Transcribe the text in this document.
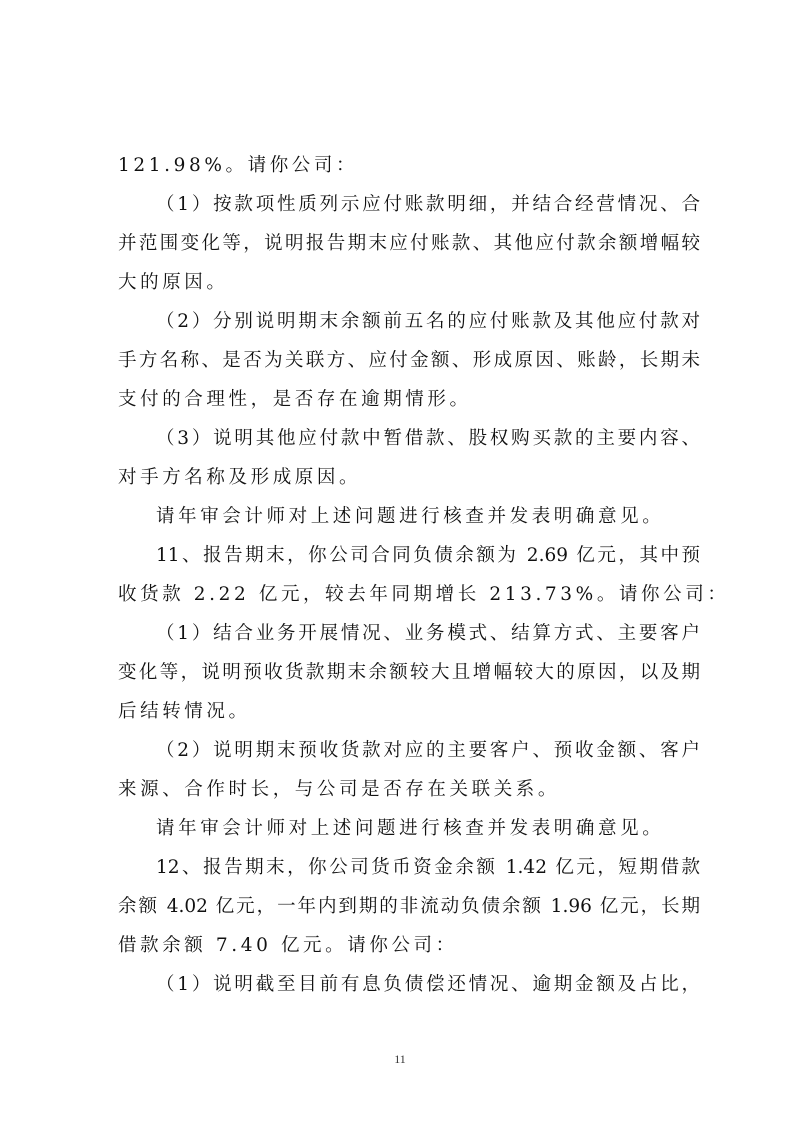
121.98%。请你公司：
（1）按款项性质列示应付账款明细，并结合经营情况、合
并范围变化等，说明报告期末应付账款、其他应付款余额增幅较
大的原因。
（2）分别说明期末余额前五名的应付账款及其他应付款对
手方名称、是否为关联方、应付金额、形成原因、账龄，长期未
支付的合理性，是否存在逾期情形。
（3）说明其他应付款中暂借款、股权购买款的主要内容、
对手方名称及形成原因。
请年审会计师对上述问题进行核查并发表明确意见。
11、报告期末，你公司合同负债余额为 2.69 亿元，其中预
收货款 2.22 亿元，较去年同期增长 213.73%。请你公司：
（1）结合业务开展情况、业务模式、结算方式、主要客户
变化等，说明预收货款期末余额较大且增幅较大的原因，以及期
后结转情况。
（2）说明期末预收货款对应的主要客户、预收金额、客户
来源、合作时长，与公司是否存在关联关系。
请年审会计师对上述问题进行核查并发表明确意见。
12、报告期末，你公司货币资金余额 1.42 亿元，短期借款
余额 4.02 亿元，一年内到期的非流动负债余额 1.96 亿元，长期
借款余额 7.40 亿元。请你公司：
（1）说明截至目前有息负债偿还情况、逾期金额及占比，
11
